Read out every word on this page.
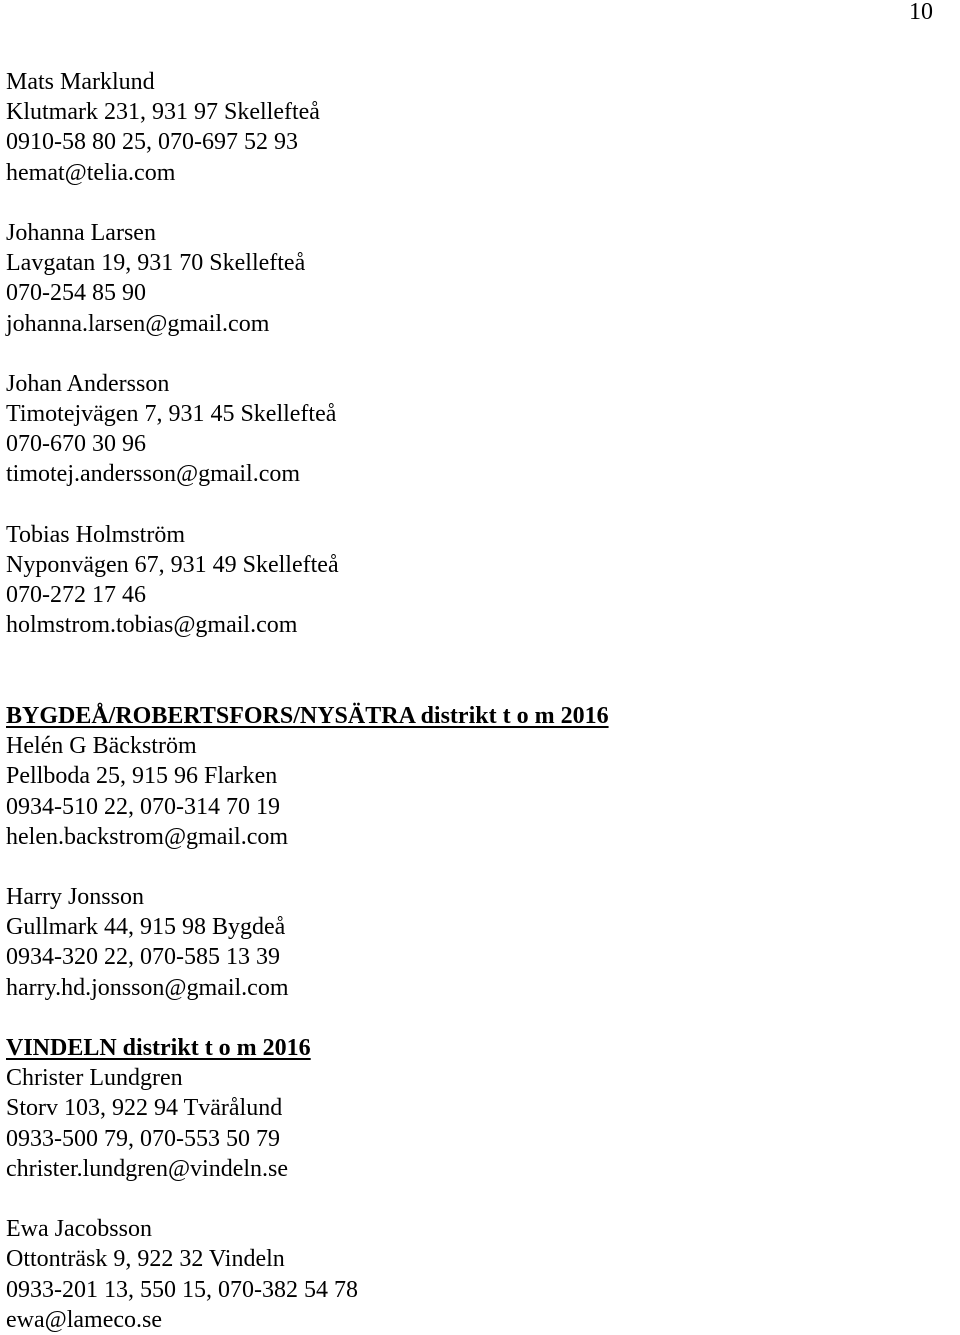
10
Mats Marklund
Klutmark 231, 931 97 Skellefteå
0910-58 80 25, 070-697 52 93
hemat@telia.com
Johanna Larsen
Lavgatan 19, 931 70 Skellefteå
070-254 85 90
johanna.larsen@gmail.com
Johan Andersson
Timotejvägen 7, 931 45 Skellefteå
070-670 30 96
timotej.andersson@gmail.com
Tobias Holmström
Nyponvägen 67, 931 49 Skellefteå
070-272 17 46
holmstrom.tobias@gmail.com
BYGDEÅ/ROBERTSFORS/NYSÄTRA distrikt t o m 2016
Helén G Bäckström
Pellboda 25, 915 96 Flarken
0934-510 22, 070-314 70 19
helen.backstrom@gmail.com
Harry Jonsson
Gullmark 44, 915 98 Bygdeå
0934-320 22, 070-585 13 39
harry.hd.jonsson@gmail.com
VINDELN distrikt t o m 2016
Christer Lundgren
Storv 103, 922 94 Tvärålund
0933-500 79, 070-553 50 79
christer.lundgren@vindeln.se
Ewa Jacobsson
Ottonträsk 9, 922 32 Vindeln
0933-201 13, 550 15, 070-382 54 78
ewa@lameco.se
